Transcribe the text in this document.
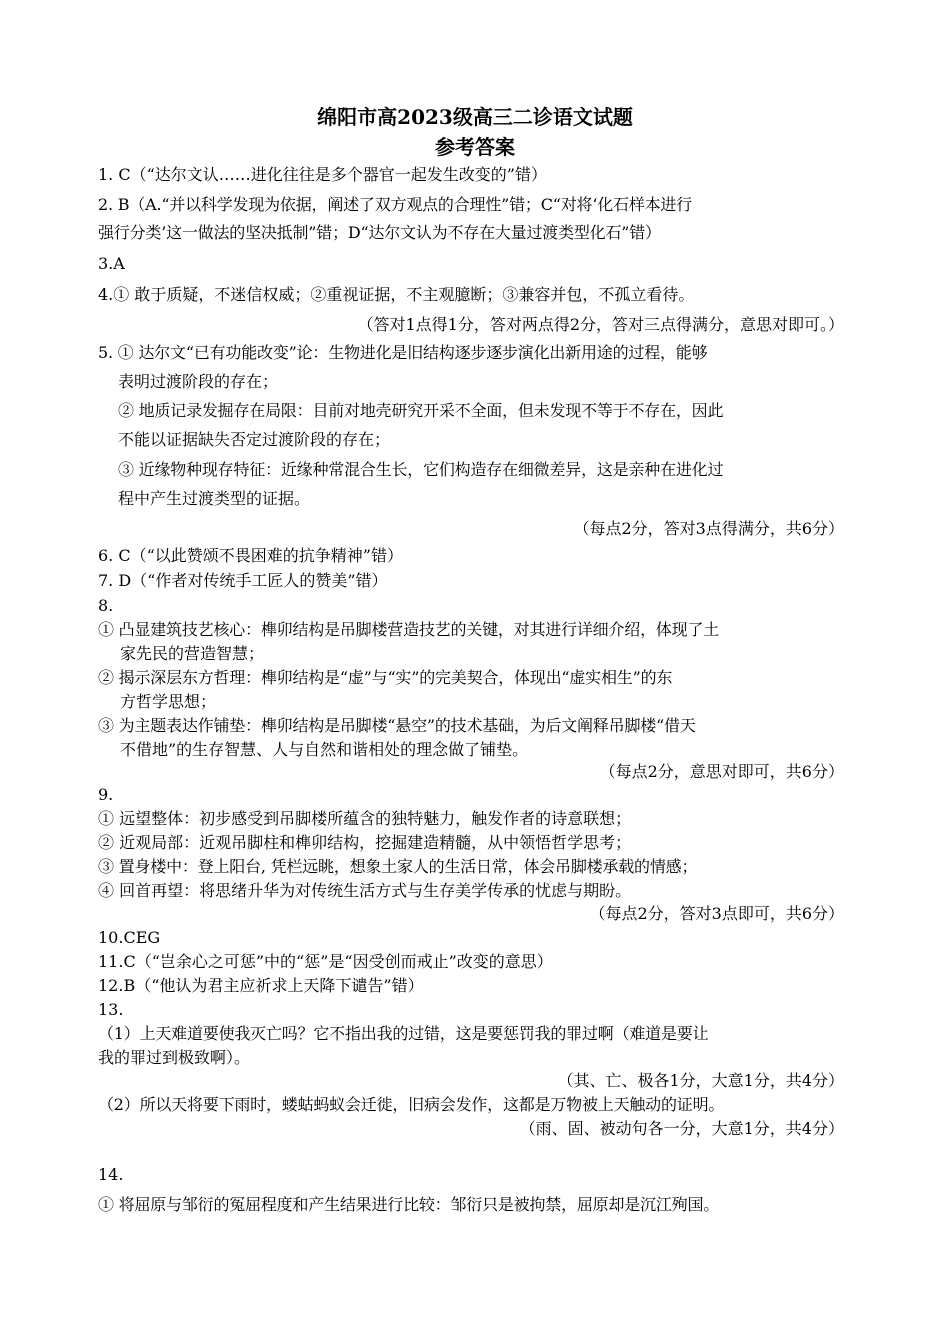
绵阳市高2023级高三二诊语文试题
参考答案
1. C（“达尔文认……进化往往是多个器官一起发生改变的”错）
2. B（A.“并以科学发现为依据，阐述了双方观点的合理性”错；C“对将‘化石样本进行
强行分类’这一做法的坚决抵制”错；D“达尔文认为不存在大量过渡类型化石”错）
3.A
4.① 敢于质疑，不迷信权威；②重视证据，不主观臆断；③兼容并包，不孤立看待。
（答对1点得1分，答对两点得2分，答对三点得满分，意思对即可。）
5. ① 达尔文“已有功能改变”论：生物进化是旧结构逐步逐步演化出新用途的过程，能够
表明过渡阶段的存在；
② 地质记录发掘存在局限：目前对地壳研究开采不全面，但未发现不等于不存在，因此
不能以证据缺失否定过渡阶段的存在；
③ 近缘物种现存特征：近缘种常混合生长，它们构造存在细微差异，这是亲种在进化过
程中产生过渡类型的证据。
（每点2分，答对3点得满分，共6分）
6. C（“以此赞颂不畏困难的抗争精神”错）
7. D（“作者对传统手工匠人的赞美”错）
8.
① 凸显建筑技艺核心：榫卯结构是吊脚楼营造技艺的关键，对其进行详细介绍，体现了土
家先民的营造智慧；
② 揭示深层东方哲理：榫卯结构是“虚”与“实”的完美契合，体现出“虚实相生”的东
方哲学思想；
③ 为主题表达作铺垫：榫卯结构是吊脚楼“悬空”的技术基础，为后文阐释吊脚楼“借天
不借地”的生存智慧、人与自然和谐相处的理念做了铺垫。
（每点2分，意思对即可，共6分）
9.
① 远望整体：初步感受到吊脚楼所蕴含的独特魅力，触发作者的诗意联想；
② 近观局部：近观吊脚柱和榫卯结构，挖掘建造精髓，从中领悟哲学思考；
③ 置身楼中：登上阳台, 凭栏远眺，想象土家人的生活日常，体会吊脚楼承载的情感；
④ 回首再望：将思绪升华为对传统生活方式与生存美学传承的忧虑与期盼。
（每点2分，答对3点即可，共6分）
10.CEG
11.C（“岂余心之可惩”中的“惩”是“因受创而戒止”改变的意思）
12.B（“他认为君主应祈求上天降下谴告”错）
13.
（1）上天难道要使我灭亡吗？它不指出我的过错，这是要惩罚我的罪过啊（难道是要让
我的罪过到极致啊）。
（其、亡、极各1分，大意1分，共4分）
（2）所以天将要下雨时，蝼蛄蚂蚁会迁徙，旧病会发作，这都是万物被上天触动的证明。
（雨、固、被动句各一分，大意1分，共4分）
14.
① 将屈原与邹衍的冤屈程度和产生结果进行比较：邹衍只是被拘禁，屈原却是沉江殉国。
